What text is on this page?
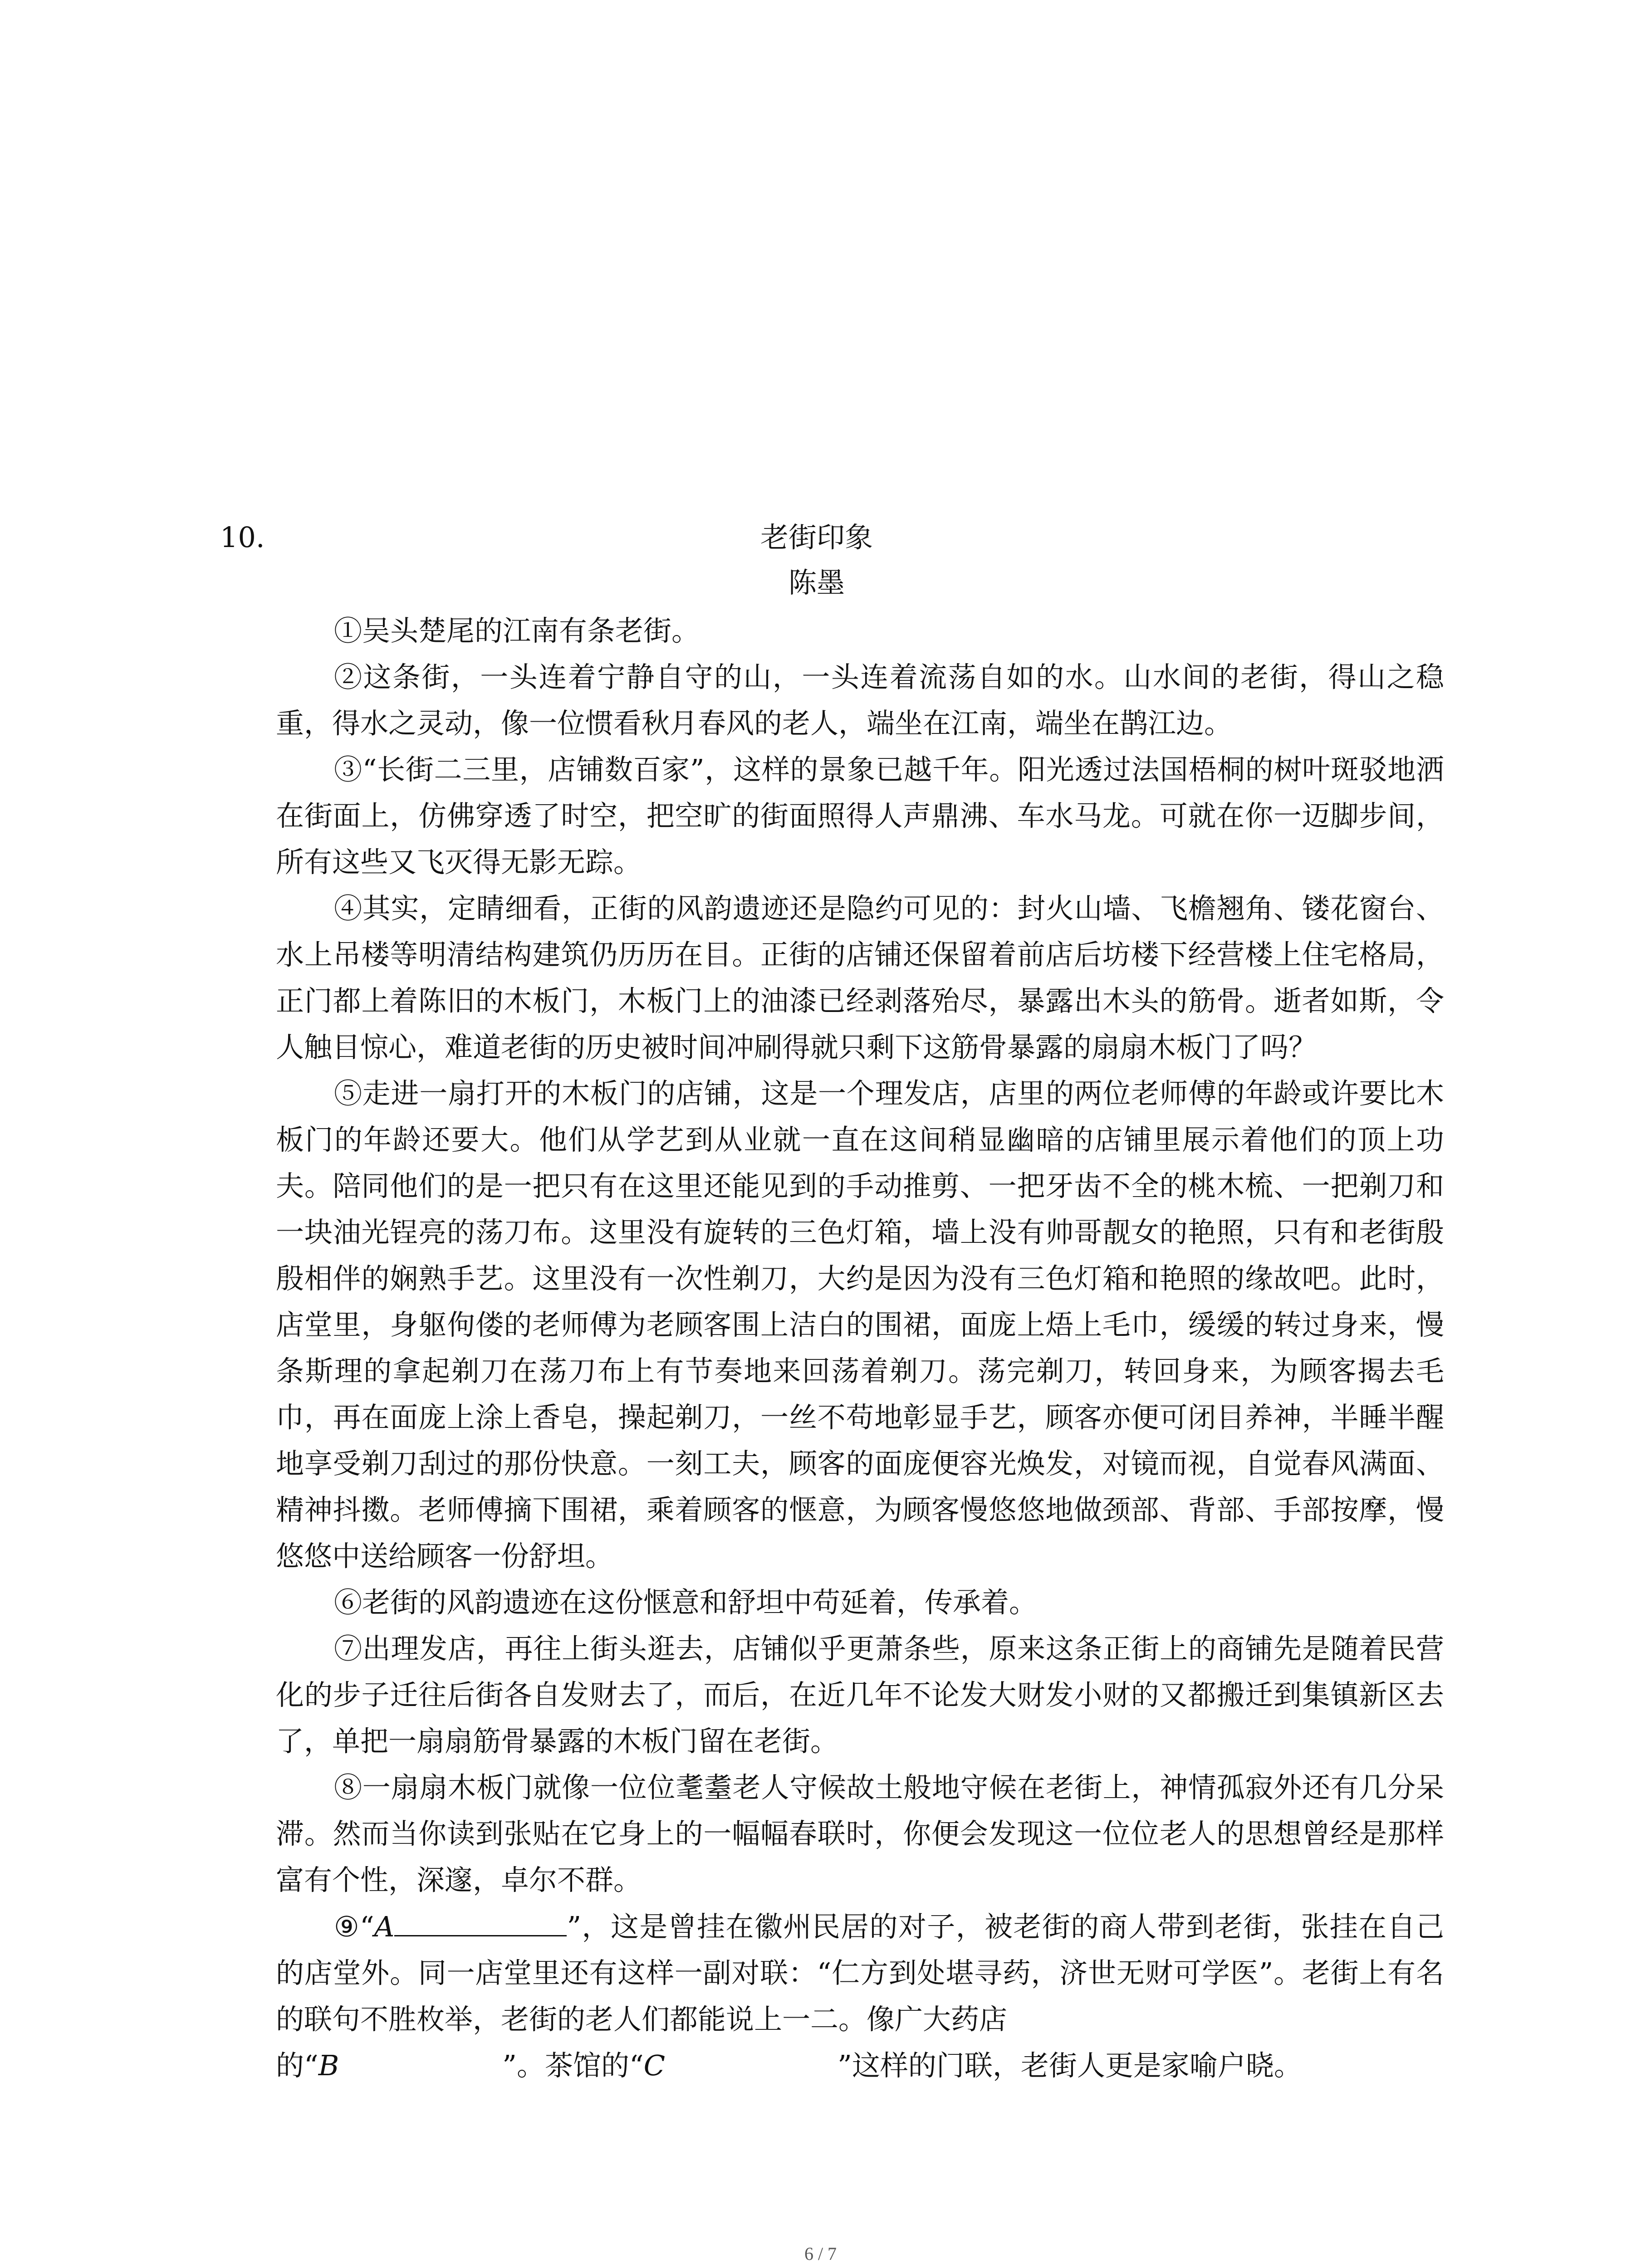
10.	老街印象
陈墨

①吴头楚尾的江南有条老街。

②这条街，一头连着宁静自守的山，一头连着流荡自如的水。山水间的老街，得山之稳重，得水之灵动，像一位惯看秋月春风的老人，端坐在江南，端坐在鹊江边。

③“长街二三里，店铺数百家”，这样的景象已越千年。阳光透过法国梧桐的树叶斑驳地洒在街面上，仿佛穿透了时空，把空旷的街面照得人声鼎沸、车水马龙。可就在你一迈脚步间，所有这些又飞灭得无影无踪。

④其实，定睛细看，正街的风韵遗迹还是隐约可见的：封火山墙、飞檐翘角、镂花窗台、水上吊楼等明清结构建筑仍历历在目。正街的店铺还保留着前店后坊楼下经营楼上住宅格局，正门都上着陈旧的木板门，木板门上的油漆已经剥落殆尽，暴露出木头的筋骨。逝者如斯，令人触目惊心，难道老街的历史被时间冲刷得就只剩下这筋骨暴露的扇扇木板门了吗？

⑤走进一扇打开的木板门的店铺，这是一个理发店，店里的两位老师傅的年龄或许要比木板门的年龄还要大。他们从学艺到从业就一直在这间稍显幽暗的店铺里展示着他们的顶上功夫。陪同他们的是一把只有在这里还能见到的手动推剪、一把牙齿不全的桃木梳、一把剃刀和一块油光锃亮的荡刀布。这里没有旋转的三色灯箱，墙上没有帅哥靓女的艳照，只有和老街殷殷相伴的娴熟手艺。这里没有一次性剃刀，大约是因为没有三色灯箱和艳照的缘故吧。此时，店堂里，身躯佝偻的老师傅为老顾客围上洁白的围裙，面庞上焐上毛巾，缓缓的转过身来，慢条斯理的拿起剃刀在荡刀布上有节奏地来回荡着剃刀。荡完剃刀，转回身来，为顾客揭去毛巾，再在面庞上涂上香皂，操起剃刀，一丝不苟地彰显手艺，顾客亦便可闭目养神，半睡半醒地享受剃刀刮过的那份快意。一刻工夫，顾客的面庞便容光焕发，对镜而视，自觉春风满面、精神抖擞。老师傅摘下围裙，乘着顾客的惬意，为顾客慢悠悠地做颈部、背部、手部按摩，慢悠悠中送给顾客一份舒坦。

⑥老街的风韵遗迹在这份惬意和舒坦中苟延着，传承着。

⑦出理发店，再往上街头逛去，店铺似乎更萧条些，原来这条正街上的商铺先是随着民营化的步子迁往后街各自发财去了，而后，在近几年不论发大财发小财的又都搬迁到集镇新区去了，单把一扇扇筋骨暴露的木板门留在老街。

⑧一扇扇木板门就像一位位耄耋老人守候故土般地守候在老街上，神情孤寂外还有几分呆滞。然而当你读到张贴在它身上的一幅幅春联时，你便会发现这一位位老人的思想曾经是那样富有个性，深邃，卓尔不群。

⑨“A	”，这是曾挂在徽州民居的对子，被老街的商人带到老街，张挂在自己的店堂外。同一店堂里还有这样一副对联：“仁方到处堪寻药，济世无财可学医”。老街上有名的联句不胜枚举，老街的老人们都能说上一二。像广大药店
的“B	”。茶馆的“C	”这样的门联，老街人更是家喻户晓。

6 / 7
